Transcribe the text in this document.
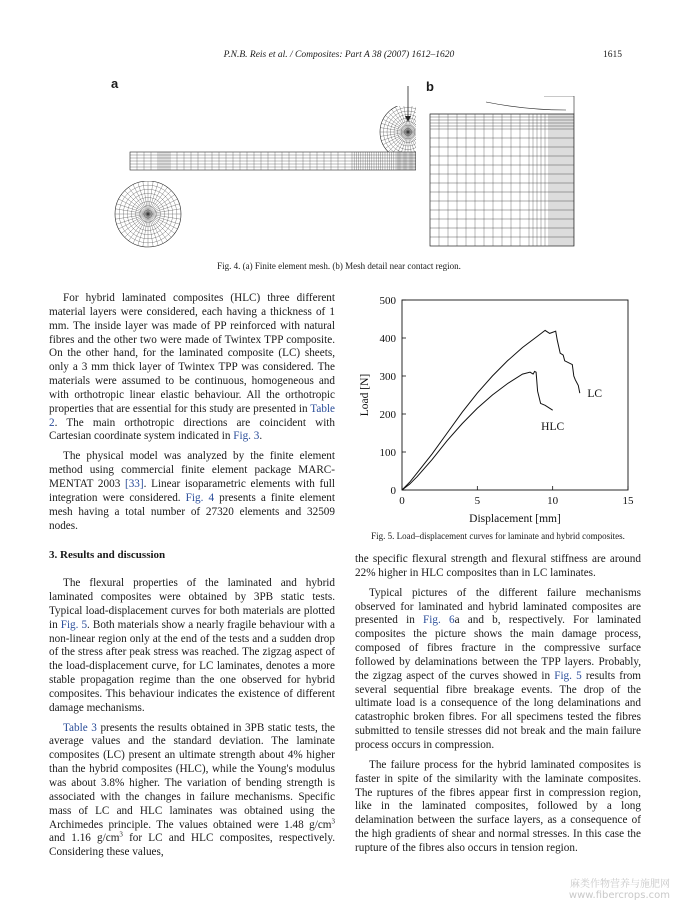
P.N.B. Reis et al. / Composites: Part A 38 (2007) 1612–1620	1615
a	b
Fig. 4. (a) Finite element mesh. (b) Mesh detail near contact region.

For hybrid laminated composites (HLC) three different material layers were considered, each having a thickness of 1 mm. The inside layer was made of PP reinforced with natural fibres and the other two were made of Twintex TPP composite. On the other hand, for the laminated composite (LC) sheets, only a 3 mm thick layer of Twintex TPP was considered. The materials were assumed to be continuous, homogeneous and with orthotropic linear elastic behaviour. All the orthotropic properties that are essential for this study are presented in Table 2. The main orthotropic directions are coincident with Cartesian coordinate system indicated in Fig. 3.

The physical model was analyzed by the finite element method using commercial finite element package MARC-MENTAT 2003 [33]. Linear isoparametric elements with full integration were considered. Fig. 4 presents a finite element mesh having a total number of 27320 elements and 32509 nodes.

3. Results and discussion

The flexural properties of the laminated and hybrid laminated composites were obtained by 3PB static tests. Typical load-displacement curves for both materials are plotted in Fig. 5. Both materials show a nearly fragile behaviour with a non-linear region only at the end of the tests and a sudden drop of the stress after peak stress was reached. The zigzag aspect of the load-displacement curve, for LC laminates, denotes a more stable propagation regime than the one observed for hybrid composites. This behaviour indicates the existence of different damage mechanisms.

Table 3 presents the results obtained in 3PB static tests, the average values and the standard deviation. The laminate composites (LC) present an ultimate strength about 4% higher than the hybrid composites (HLC), while the Young's modulus was about 3.8% higher. The variation of bending strength is associated with the changes in failure mechanisms. Specific mass of LC and HLC laminates was obtained using the Archimedes principle. The values obtained were 1.48 $g/cm^3$ and 1.16 $g/cm^3$ for LC and HLC composites, respectively. Considering these values,

0	5	10	15
0
100
200
300
400
500
Displacement [mm]
Load [N]	LC
HLC
Fig. 5. Load–displacement curves for laminate and hybrid composites.

the specific flexural strength and flexural stiffness are around 22% higher in HLC composites than in LC laminates.

Typical pictures of the different failure mechanisms observed for laminated and hybrid laminated composites are presented in Fig. 6a and b, respectively. For laminated composites the picture shows the main damage process, composed of fibres fracture in the compressive surface followed by delaminations between the TPP layers. Probably, the zigzag aspect of the curves showed in Fig. 5 results from several sequential fibre breakage events. The drop of the ultimate load is a consequence of the long delaminations and catastrophic broken fibres. For all specimens tested the fibres submitted to tensile stresses did not break and the main failure process occurs in compression.

The failure process for the hybrid laminated composites is faster in spite of the similarity with the laminate composites. The ruptures of the fibres appear first in compression region, like in the laminated composites, followed by a long delamination between the surface layers, as a consequence of the high gradients of shear and normal stresses. In this case the rupture of the fibres also occurs in tension region.

麻类作物营养与施肥网
www.fibercrops.com
